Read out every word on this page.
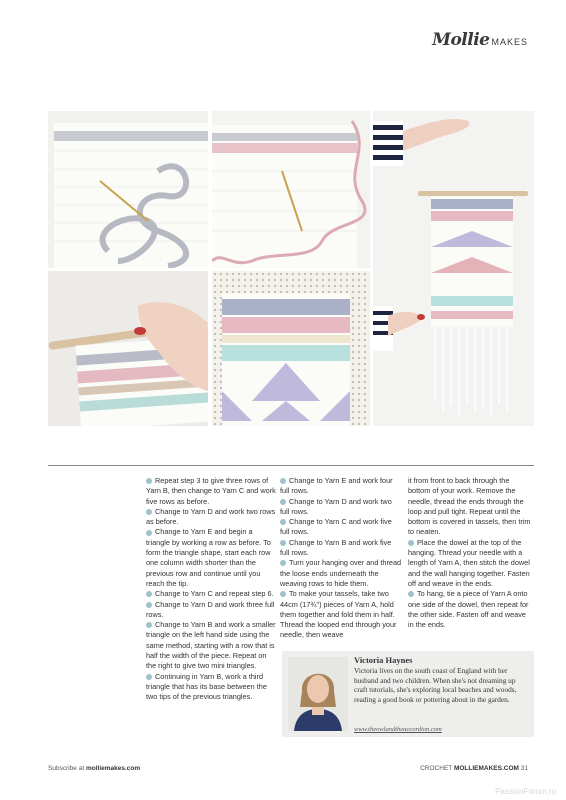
Mollie MAKES

Repeat step 3 to give three rows of Yarn B, then change to Yarn C and work five rows as before.

Change to Yarn D and work two rows as before.

Change to Yarn E and begin a triangle by working a row as before. To form the triangle shape, start each row one column width shorter than the previous row and continue until you reach the tip.

Change to Yarn C and repeat step 6.

Change to Yarn D and work three full rows.

Change to Yarn B and work a smaller triangle on the left hand side using the same method, starting with a row that is half the width of the piece. Repeat on the right to give two mini triangles.

Continuing in Yarn B, work a third triangle that has its base between the two tips of the previous triangles.

Change to Yarn E and work four full rows.

Change to Yarn D and work two full rows.

Change to Yarn C and work five full rows.

Change to Yarn B and work five full rows.

Turn your hanging over and thread the loose ends underneath the weaving rows to hide them.

To make your tassels, take two 44cm (17¾") pieces of Yarn A, hold them together and fold them in half. Thread the looped end through your needle, then weave

it from front to back through the bottom of your work. Remove the needle, thread the ends through the loop and pull tight. Repeat until the bottom is covered in tassels, then trim to neaten.

Place the dowel at the top of the hanging. Thread your needle with a length of Yarn A, then stitch the dowel and the wall hanging together. Fasten off and weave in the ends.

To hang, tie a piece of Yarn A onto one side of the dowel, then repeat for the other side. Fasten off and weave in the ends.

Victoria Haynes
Victoria lives on the south coast of England with her husband and two children. When she's not dreaming up craft tutorials, she's exploring local beaches and woods, reading a good book or pottering about in the garden.
www.theowlandtheaccordion.com
Subscribe at molliemakes.com	CROCHET MOLLIEMAKES.COM 31
PassionForum.ru
